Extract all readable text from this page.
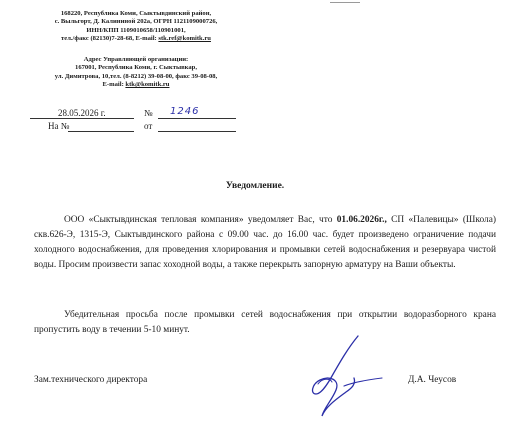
168220, Республика Коми, Сыктывдинский район,
с. Выльгорт, Д. Калининой 202а, ОГРН 1121109000726,
ИНН/КПП 1109010658/110901001,
тел./факс (82130)7-28-68, E-mail: stk.ref@komitk.ru
Адрес Управляющей организации:
167001, Республика Коми, г. Сыктывкар,
ул. Димитрова, 10,тел. (8-8212) 39-08-00, факс 39-08-08,
E-mail: ktk@komitk.ru
28.05.2026 г.	№ 1246
На №	от
Уведомление.
ООО «Сыктывдинская тепловая компания» уведомляет Вас, что 01.06.2026г., СП «Палевицы» (Школа) скв.626-Э, 1315-Э, Сыктывдинского района с 09.00 час. до 16.00 час. будет произведено ограничение подачи холодного водоснабжения, для проведения хлорирования и промывки сетей водоснабжения и резервуара чистой воды. Просим произвести запас хоходной воды, а также перекрыть запорную арматуру на Ваши объекты.
Убедительная просьба после промывки сетей водоснабжения при открытии водоразборного крана пропустить воду в течении 5-10 минут.
Зам.технического директора	Д.А. Чеусов
